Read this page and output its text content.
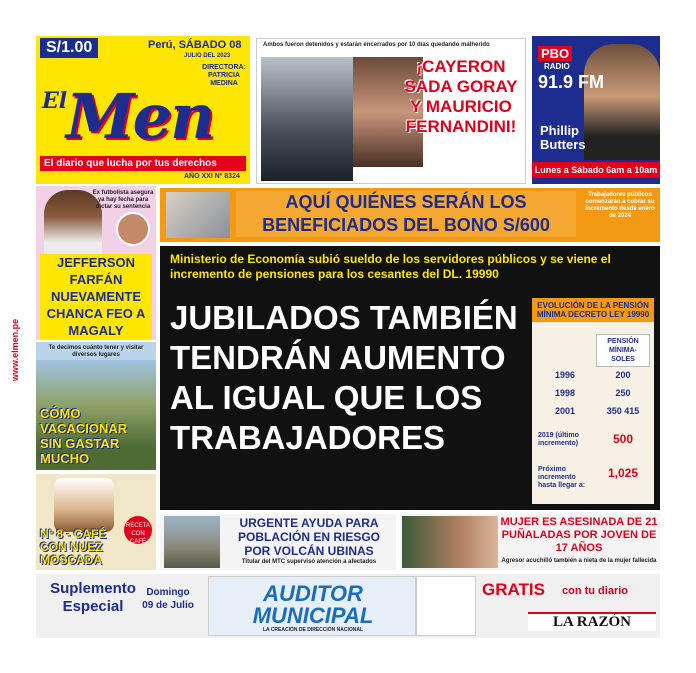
www.elmen.pe
S/1.00	Perú, SÁBADO 08
JULIO DEL 2023
DIRECTORA: PATRICIA MEDINA
El
Men
El diario que lucha por tus derechos
AÑO XXI Nº 8324
Ambos fueron detenidos y estarán encerrados por 10 días quedando malherido
¡CAYERON SADA GORAY Y MAURICIO FERNANDINI!
PBO
RADIO
91.9 FM
Phillip Butters
Lunes a Sábado 6am a 10am
Ex futbolista asegura ya hay fecha para dictar su sentencia
JEFFERSON FARFÁN
NUEVAMENTE
CHANCA FEO A MAGALY
Te decimos cuánto tener y visitar diversos lugares
CÓMO VACACIONAR SIN GASTAR MUCHO
RECETA CON CAFÉ
Nº 8 - CAFÉ CON NUEZ MOSCADA
AQUÍ QUIÉNES SERÁN LOS BENEFICIADOS DEL BONO S/600
Trabajadores públicos comenzarán a cobrar su incremento desde enero de 2024
Ministerio de Economía subió sueldo de los servidores públicos y se viene el incremento de pensiones para los cesantes del DL. 19990
JUBILADOS TAMBIÉN TENDRÁN AUMENTO AL IGUAL QUE LOS TRABAJADORES
EVOLUCIÓN DE LA PENSIÓN MÍNIMA DECRETO LEY 19990
PENSIÓN MÍNIMA- SOLES
1996	200
1998	250
2001	350 415
2019 (último incremento)	500
Próximo incremento hasta llegar a:
1,025
URGENTE AYUDA PARA POBLACIÓN EN RIESGO POR VOLCÁN UBINAS
Titular del MTC supervisó atención a afectados
MUJER ES ASESINADA DE 21 PUÑALADAS POR JOVEN DE 17 AÑOS
Agresor acuchilló también a nieta de la mujer fallecida
Suplemento Especial
Domingo 09 de Julio	AUDITOR MUNICIPAL
LA CREACIÓN DE DIRECCIÓN NACIONAL
GRATIS con tu diario
LA RAZÓN
